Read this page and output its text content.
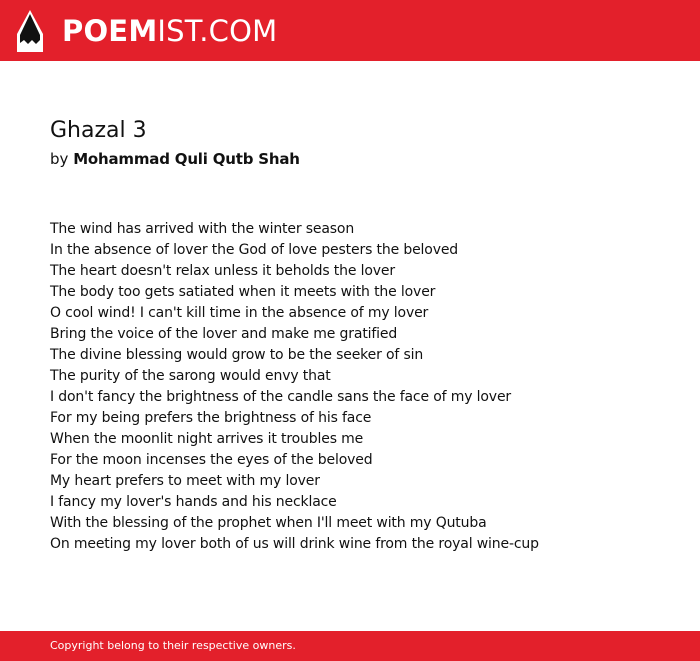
POEMIST.COM
Ghazal 3
by Mohammad Quli Qutb Shah
The wind has arrived with the winter season
In the absence of lover the God of love pesters the beloved
The heart doesn't relax unless it beholds the lover
The body too gets satiated when it meets with the lover
O cool wind! I can't kill time in the absence of my lover
Bring the voice of the lover and make me gratified
The divine blessing would grow to be the seeker of sin
The purity of the sarong would envy that
I don't fancy the brightness of the candle sans the face of my lover
For my being prefers the brightness of his face
When the moonlit night arrives it troubles me
For the moon incenses the eyes of the beloved
My heart prefers to meet with my lover
I fancy my lover's hands and his necklace
With the blessing of the prophet when I'll meet with my Qutuba
On meeting my lover both of us will drink wine from the royal wine-cup
Copyright belong to their respective owners.
